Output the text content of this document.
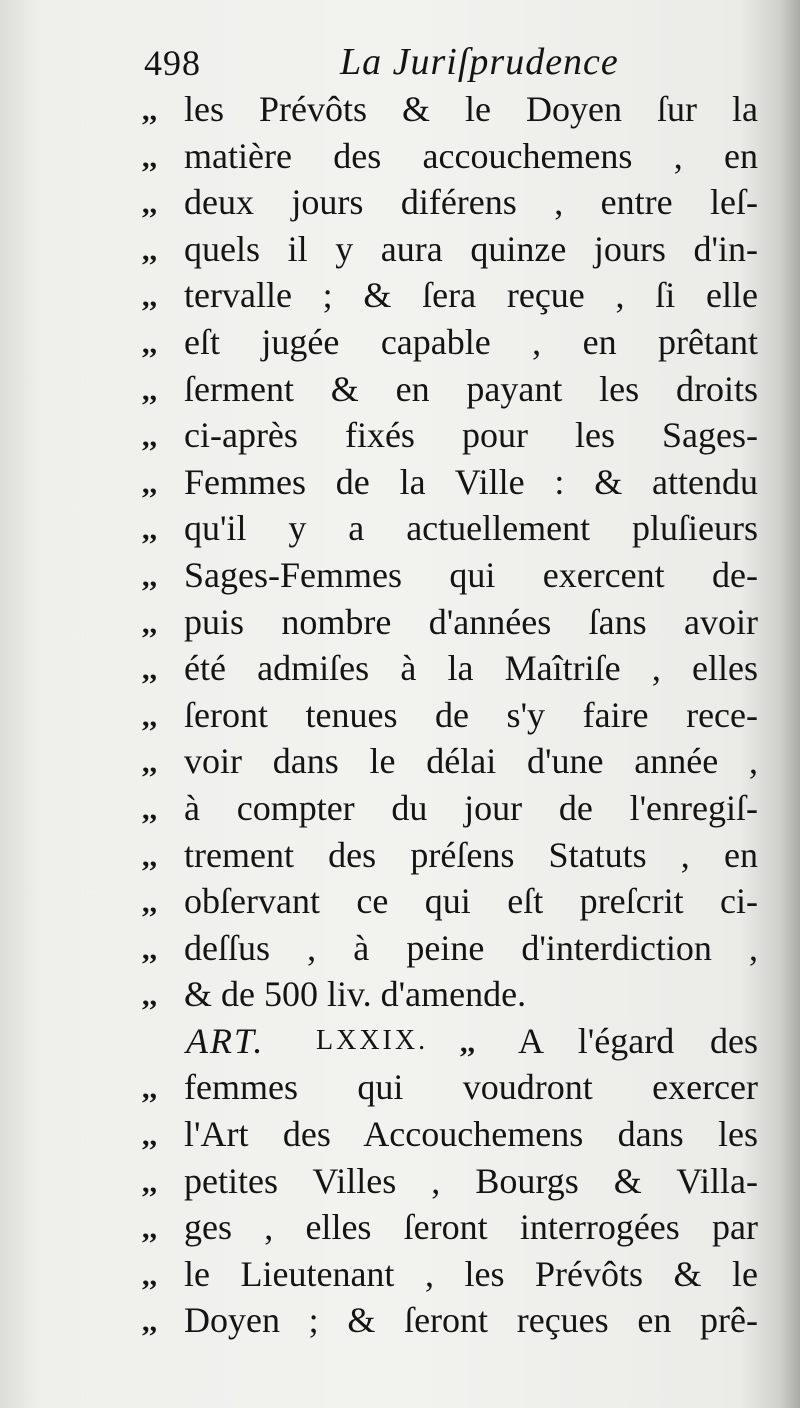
498	La Juriſprudence
,, les Prévôts & le Doyen ſur la
,, matière des accouchemens , en
,, deux jours diférens , entre leſ-
,, quels il y aura quinze jours d'in-
,, tervalle ; & ſera reçue , ſi elle
,, eſt jugée capable , en prêtant
,, ſerment & en payant les droits
,, ci-après fixés pour les Sages-
,, Femmes de la Ville : & attendu
,, qu'il y a actuellement pluſieurs
,, Sages-Femmes qui exercent de-
,, puis nombre d'années ſans avoir
,, été admiſes à la Maîtriſe , elles
,, ſeront tenues de s'y faire rece-
,, voir dans le délai d'une année ,
,, à compter du jour de l'enregiſ-
,, trement des préſens Statuts , en
,, obſervant ce qui eſt preſcrit ci-
,, deſſus , à peine d'interdiction ,
,, & de 500 liv. d'amende.
ART. LXXIX. ,, A l'égard des
,, femmes qui voudront exercer
,, l'Art des Accouchemens dans les
,, petites Villes , Bourgs & Villa-
,, ges , elles ſeront interrogées par
,, le Lieutenant , les Prévôts & le
,, Doyen ; & ſeront reçues en prê-
